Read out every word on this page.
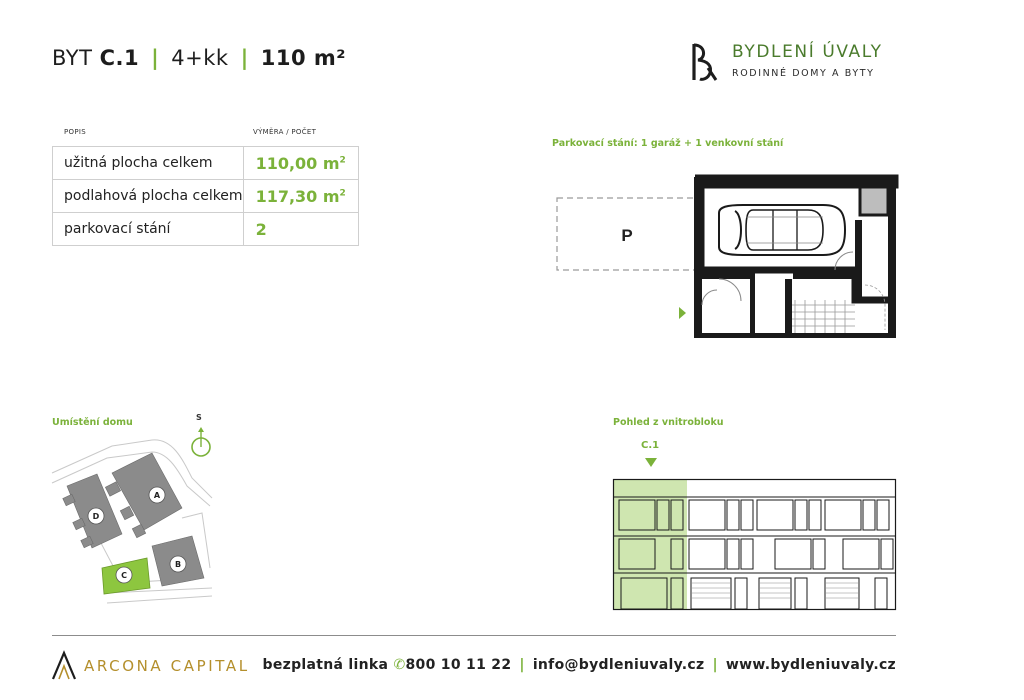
BYT C.1 | 4+kk | 110 m²	BYDLENÍ ÚVALY
RODINNÉ DOMY A BYTY
POPIS	VÝMĚRA / POČET
užitná plocha celkem	110,00 $m^2$
podlahová plocha celkem	117,30 $m^2$
parkovací stání	2
Parkovací stání: 1 garáž + 1 venkovní stání
P
Umístění domu	S
A
D
B
C
Pohled z vnitrobloku
C.1
ARCONA CAPITAL bezplatná linka ✆800 10 11 22 | info@bydleniuvaly.cz | www.bydleniuvaly.cz
